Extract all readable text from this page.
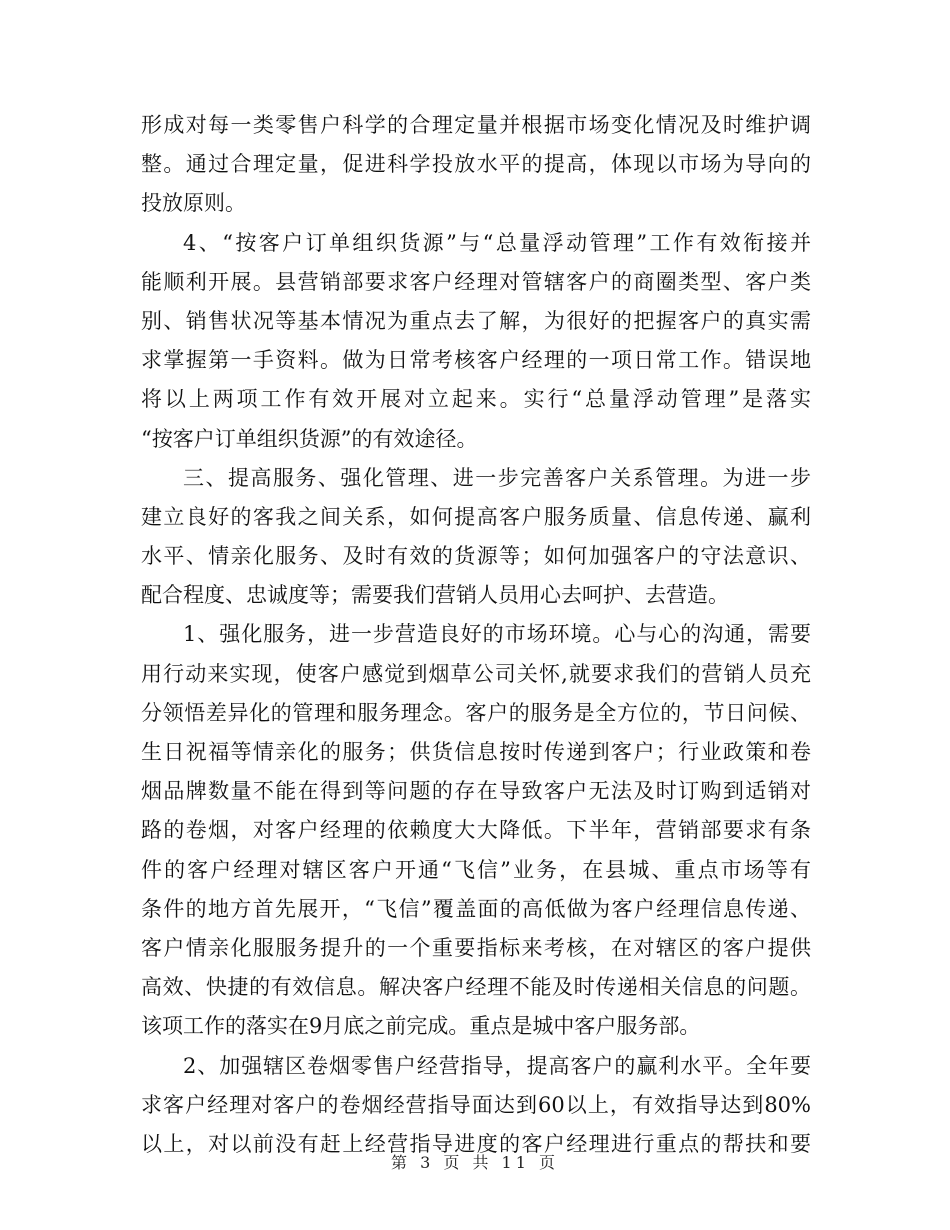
形成对每一类零售户科学的合理定量并根据市场变化情况及时维护调
整。通过合理定量，促进科学投放水平的提高，体现以市场为导向的
投放原则。
4、“按客户订单组织货源”与“总量浮动管理”工作有效衔接并
能顺利开展。县营销部要求客户经理对管辖客户的商圈类型、客户类
别、销售状况等基本情况为重点去了解，为很好的把握客户的真实需
求掌握第一手资料。做为日常考核客户经理的一项日常工作。错误地
将以上两项工作有效开展对立起来。实行“总量浮动管理”是落实
“按客户订单组织货源”的有效途径。
三、提高服务、强化管理、进一步完善客户关系管理。为进一步
建立良好的客我之间关系，如何提高客户服务质量、信息传递、赢利
水平、情亲化服务、及时有效的货源等；如何加强客户的守法意识、
配合程度、忠诚度等；需要我们营销人员用心去呵护、去营造。
1、强化服务，进一步营造良好的市场环境。心与心的沟通，需要
用行动来实现，使客户感觉到烟草公司关怀,就要求我们的营销人员充
分领悟差异化的管理和服务理念。客户的服务是全方位的，节日问候、
生日祝福等情亲化的服务；供货信息按时传递到客户；行业政策和卷
烟品牌数量不能在得到等问题的存在导致客户无法及时订购到适销对
路的卷烟，对客户经理的依赖度大大降低。下半年，营销部要求有条
件的客户经理对辖区客户开通“飞信”业务，在县城、重点市场等有
条件的地方首先展开，“飞信”覆盖面的高低做为客户经理信息传递、
客户情亲化服服务提升的一个重要指标来考核，在对辖区的客户提供
高效、快捷的有效信息。解决客户经理不能及时传递相关信息的问题。
该项工作的落实在9月底之前完成。重点是城中客户服务部。
2、加强辖区卷烟零售户经营指导，提高客户的赢利水平。全年要
求客户经理对客户的卷烟经营指导面达到60以上，有效指导达到80%
以上，对以前没有赶上经营指导进度的客户经理进行重点的帮扶和要
第 3 页 共 11 页
